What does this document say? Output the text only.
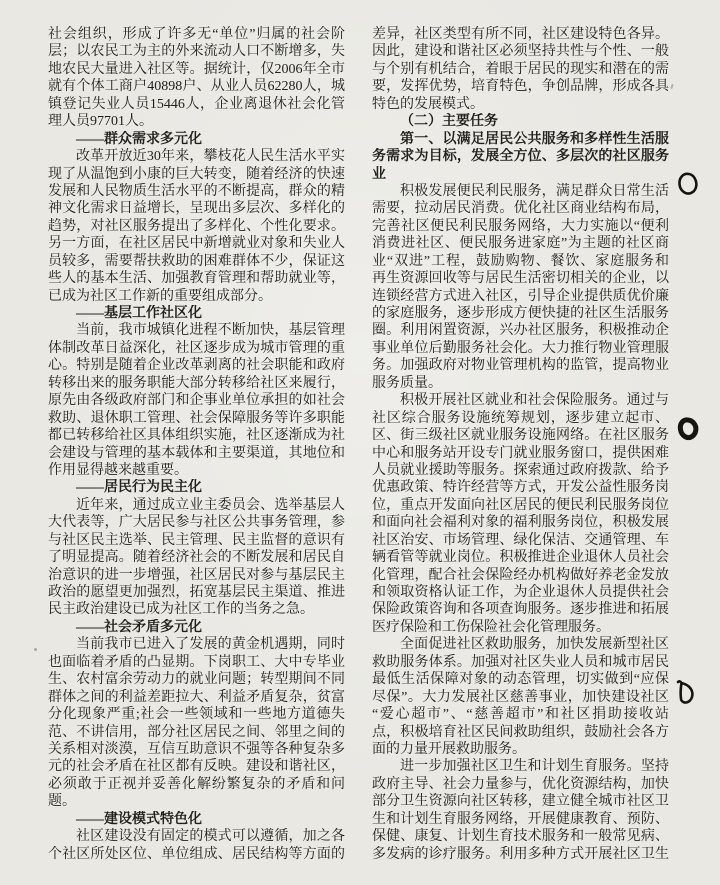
社会组织，形成了许多无“单位”归属的社会阶
层；以农民工为主的外来流动人口不断增多，失
地农民大量进入社区等。据统计，仅2006年全市
就有个体工商户40898户、从业人员62280人，城
镇登记失业人员15446人，企业离退休社会化管
理人员97701人。
——群众需求多元化
改革开放近30年来，攀枝花人民生活水平实
现了从温饱到小康的巨大转变，随着经济的快速
发展和人民物质生活水平的不断提高，群众的精
神文化需求日益增长，呈现出多层次、多样化的
趋势，对社区服务提出了多样化、个性化要求。
另一方面，在社区居民中新增就业对象和失业人
员较多，需要帮扶救助的困难群体不少，保证这
些人的基本生活、加强教育管理和帮助就业等，
已成为社区工作新的重要组成部分。
——基层工作社区化
当前，我市城镇化进程不断加快，基层管理
体制改革日益深化，社区逐步成为城市管理的重
心。特别是随着企业改革剥离的社会职能和政府
转移出来的服务职能大部分转移给社区来履行，
原先由各级政府部门和企事业单位承担的如社会
救助、退休职工管理、社会保障服务等许多职能
都已转移给社区具体组织实施，社区逐渐成为社
会建设与管理的基本载体和主要渠道，其地位和
作用显得越来越重要。
——居民行为民主化
近年来，通过成立业主委员会、选举基层人
大代表等，广大居民参与社区公共事务管理，参
与社区民主选举、民主管理、民主监督的意识有
了明显提高。随着经济社会的不断发展和居民自
治意识的进一步增强，社区居民对参与基层民主
政治的愿望更加强烈，拓宽基层民主渠道、推进
民主政治建设已成为社区工作的当务之急。
——社会矛盾多元化
当前我市已进入了发展的黄金机遇期，同时
也面临着矛盾的凸显期。下岗职工、大中专毕业
生、农村富余劳动力的就业问题；转型期间不同
群体之间的利益差距拉大、利益矛盾复杂，贫富
分化现象严重;社会一些领域和一些地方道德失
范、不讲信用，部分社区居民之间、邻里之间的
关系相对淡漠，互信互助意识不强等各种复杂多
元的社会矛盾在社区都有反映。建设和谐社区，
必须敢于正视并妥善化解纷繁复杂的矛盾和问
题。
——建设模式特色化
社区建设没有固定的模式可以遵循，加之各
个社区所处区位、单位组成、居民结构等方面的
差异，社区类型有所不同，社区建设特色各异。
因此，建设和谐社区必须坚持共性与个性、一般
与个别有机结合，着眼于居民的现实和潜在的需
要，发挥优势，培育特色，争创品牌，形成各具
特色的发展模式。
（二）主要任务
第一、以满足居民公共服务和多样性生活服
务需求为目标，发展全方位、多层次的社区服务
业
积极发展便民利民服务，满足群众日常生活
需要，拉动居民消费。优化社区商业结构布局，
完善社区便民利民服务网络，大力实施以“便利
消费进社区、便民服务进家庭”为主题的社区商
业“双进”工程，鼓励购物、餐饮、家庭服务和
再生资源回收等与居民生活密切相关的企业，以
连锁经营方式进入社区，引导企业提供质优价廉
的家庭服务，逐步形成方便快捷的社区生活服务
圈。利用闲置资源，兴办社区服务，积极推动企
事业单位后勤服务社会化。大力推行物业管理服
务。加强政府对物业管理机构的监管，提高物业
服务质量。
积极开展社区就业和社会保险服务。通过与
社区综合服务设施统筹规划，逐步建立起市、
区、街三级社区就业服务设施网络。在社区服务
中心和服务站开设专门就业服务窗口，提供困难
人员就业援助等服务。探索通过政府拨款、给予
优惠政策、特许经营等方式，开发公益性服务岗
位，重点开发面向社区居民的便民利民服务岗位
和面向社会福利对象的福利服务岗位，积极发展
社区治安、市场管理、绿化保洁、交通管理、车
辆看管等就业岗位。积极推进企业退休人员社会
化管理，配合社会保险经办机构做好养老金发放
和领取资格认证工作，为企业退休人员提供社会
保险政策咨询和各项查询服务。逐步推进和拓展
医疗保险和工伤保险社会化管理服务。
全面促进社区救助服务，加快发展新型社区
救助服务体系。加强对社区失业人员和城市居民
最低生活保障对象的动态管理，切实做到“应保
尽保”。大力发展社区慈善事业，加快建设社区
“爱心超市”、“慈善超市”和社区捐助接收站
点，积极培育社区民间救助组织，鼓励社会各方
面的力量开展救助服务。
进一步加强社区卫生和计划生育服务。坚持
政府主导、社会力量参与，优化资源结构，加快
部分卫生资源向社区转移，建立健全城市社区卫
生和计划生育服务网络，开展健康教育、预防、
保健、康复、计划生育技术服务和一般常见病、
多发病的诊疗服务。利用多种方式开展社区卫生
